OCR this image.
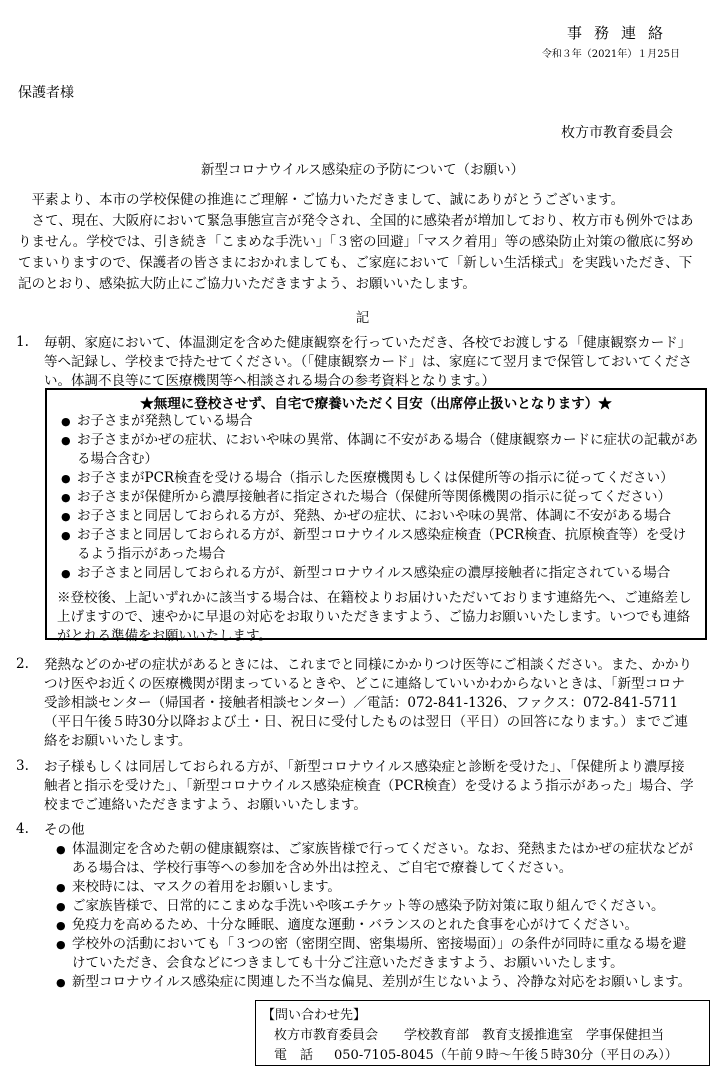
事務連絡
令和３年（2021年）１月25日
保護者様
枚方市教育委員会
新型コロナウイルス感染症の予防について（お願い）
平素より、本市の学校保健の推進にご理解・ご協力いただきまして、誠にありがとうございます。
さて、現在、大阪府において緊急事態宣言が発令され、全国的に感染者が増加しており、枚方市も例外ではありません。学校では、引き続き「こまめな手洗い」「３密の回避」「マスク着用」等の感染防止対策の徹底に努めてまいりますので、保護者の皆さまにおかれましても、ご家庭において「新しい生活様式」を実践いただき、下記のとおり、感染拡大防止にご協力いただきますよう、お願いいたします。
記
1. 毎朝、家庭において、体温測定を含めた健康観察を行っていただき、各校でお渡しする「健康観察カード」等へ記録し、学校まで持たせてください。（「健康観察カード」は、家庭にて翌月まで保管しておいてください。体調不良等にて医療機関等へ相談される場合の参考資料となります。）
★無理に登校させず、自宅で療養いただく目安（出席停止扱いとなります）★
● お子さまが発熱している場合
● お子さまがかぜの症状、においや味の異常、体調に不安がある場合（健康観察カードに症状の記載がある場合含む）
● お子さまがPCR検査を受ける場合（指示した医療機関もしくは保健所等の指示に従ってください）
● お子さまが保健所から濃厚接触者に指定された場合（保健所等関係機関の指示に従ってください）
● お子さまと同居しておられる方が、発熱、かぜの症状、においや味の異常、体調に不安がある場合
● お子さまと同居しておられる方が、新型コロナウイルス感染症検査（PCR検査、抗原検査等）を受けるよう指示があった場合
● お子さまと同居しておられる方が、新型コロナウイルス感染症の濃厚接触者に指定されている場合
※登校後、上記いずれかに該当する場合は、在籍校よりお届けいただいております連絡先へ、ご連絡差し上げますので、速やかに早退の対応をお取りいただきますよう、ご協力お願いいたします。いつでも連絡がとれる準備をお願いいたします。
2. 発熱などのかぜの症状があるときには、これまでと同様にかかりつけ医等にご相談ください。また、かかりつけ医やお近くの医療機関が閉まっているときや、どこに連絡していいかわからないときは、「新型コロナ受診相談センター（帰国者・接触者相談センター）／電話：072-841-1326、ファクス：072-841-5711（平日午後５時30分以降および土・日、祝日に受付したものは翌日（平日）の回答になります。）までご連絡をお願いいたします。
3. お子様もしくは同居しておられる方が、「新型コロナウイルス感染症と診断を受けた」、「保健所より濃厚接触者と指示を受けた」、「新型コロナウイルス感染症検査（PCR検査）を受けるよう指示があった」場合、学校までご連絡いただきますよう、お願いいたします。
4. その他
● 体温測定を含めた朝の健康観察は、ご家族皆様で行ってください。なお、発熱またはかぜの症状などがある場合は、学校行事等への参加を含め外出は控え、ご自宅で療養してください。
● 来校時には、マスクの着用をお願いします。
● ご家族皆様で、日常的にこまめな手洗いや咳エチケット等の感染予防対策に取り組んでください。
● 免疫力を高めるため、十分な睡眠、適度な運動・バランスのとれた食事を心がけてください。
● 学校外の活動においても「３つの密（密閉空間、密集場所、密接場面）」の条件が同時に重なる場を避けていただき、会食などにつきましても十分ご注意いただきますよう、お願いいたします。
● 新型コロナウイルス感染症に関連した不当な偏見、差別が生じないよう、冷静な対応をお願いします。
【問い合わせ先】
枚方市教育委員会　　学校教育部　教育支援推進室　学事保健担当
電　話 050-7105-8045（午前９時～午後５時30分（平日のみ））
